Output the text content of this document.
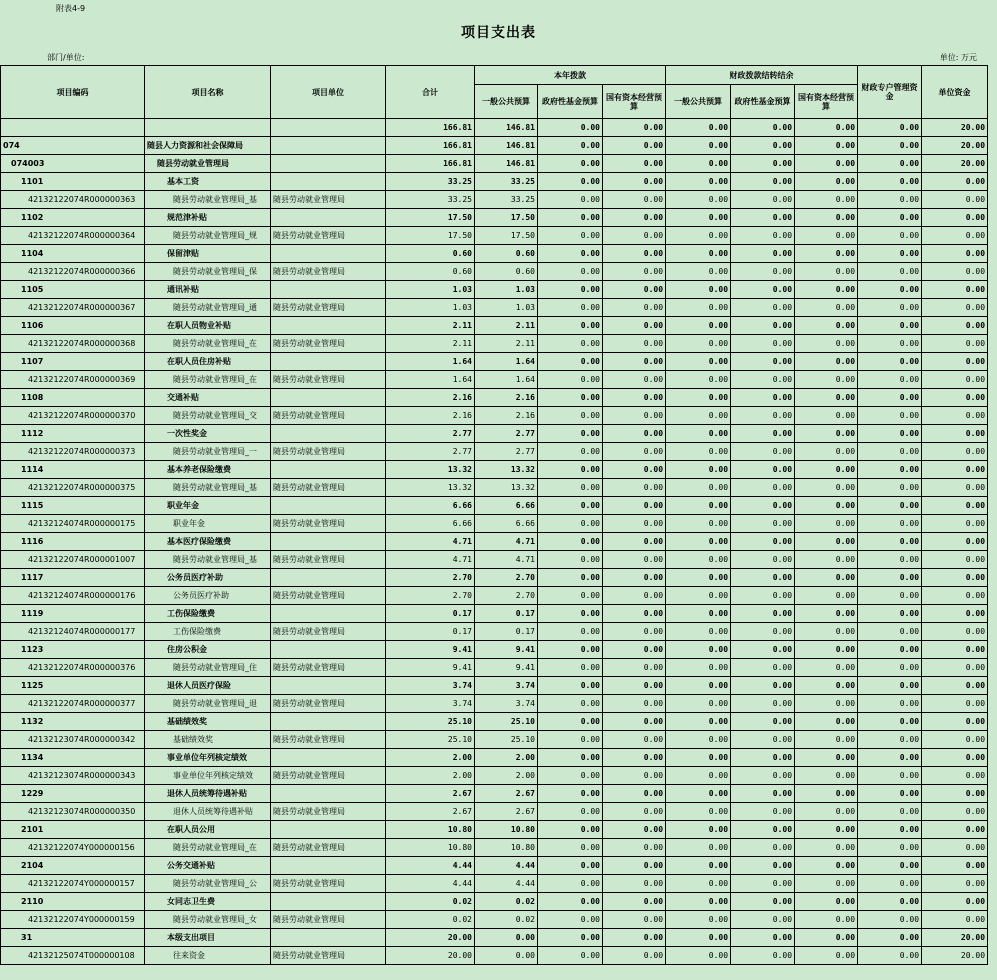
附表4-9
项目支出表
部门/单位:	单位: 万元
项目编码	项目名称	项目单位	合计	本年拨款			财政拨款结转结余			财政专户管理资金	单位资金
				一般公共预算	政府性基金预算	国有资本经营预算	一般公共预算	政府性基金预算	国有资本经营预算		
			166.81	146.81	0.00	0.00	0.00	0.00	0.00	0.00	20.00
074	随县人力资源和社会保障局		166.81	146.81	0.00	0.00	0.00	0.00	0.00	0.00	20.00
074003	随县劳动就业管理局		166.81	146.81	0.00	0.00	0.00	0.00	0.00	0.00	20.00
1101	基本工资		33.25	33.25	0.00	0.00	0.00	0.00	0.00	0.00	0.00
42132122074R000000363	随县劳动就业管理局_基	随县劳动就业管理局	33.25	33.25	0.00	0.00	0.00	0.00	0.00	0.00	0.00
1102	规范津补贴		17.50	17.50	0.00	0.00	0.00	0.00	0.00	0.00	0.00
42132122074R000000364	随县劳动就业管理局_规	随县劳动就业管理局	17.50	17.50	0.00	0.00	0.00	0.00	0.00	0.00	0.00
1104	保留津贴		0.60	0.60	0.00	0.00	0.00	0.00	0.00	0.00	0.00
42132122074R000000366	随县劳动就业管理局_保	随县劳动就业管理局	0.60	0.60	0.00	0.00	0.00	0.00	0.00	0.00	0.00
1105	通讯补贴		1.03	1.03	0.00	0.00	0.00	0.00	0.00	0.00	0.00
42132122074R000000367	随县劳动就业管理局_通	随县劳动就业管理局	1.03	1.03	0.00	0.00	0.00	0.00	0.00	0.00	0.00
1106	在职人员物业补贴		2.11	2.11	0.00	0.00	0.00	0.00	0.00	0.00	0.00
42132122074R000000368	随县劳动就业管理局_在	随县劳动就业管理局	2.11	2.11	0.00	0.00	0.00	0.00	0.00	0.00	0.00
1107	在职人员住房补贴		1.64	1.64	0.00	0.00	0.00	0.00	0.00	0.00	0.00
42132122074R000000369	随县劳动就业管理局_在	随县劳动就业管理局	1.64	1.64	0.00	0.00	0.00	0.00	0.00	0.00	0.00
1108	交通补贴		2.16	2.16	0.00	0.00	0.00	0.00	0.00	0.00	0.00
42132122074R000000370	随县劳动就业管理局_交	随县劳动就业管理局	2.16	2.16	0.00	0.00	0.00	0.00	0.00	0.00	0.00
1112	一次性奖金		2.77	2.77	0.00	0.00	0.00	0.00	0.00	0.00	0.00
42132122074R000000373	随县劳动就业管理局_一	随县劳动就业管理局	2.77	2.77	0.00	0.00	0.00	0.00	0.00	0.00	0.00
1114	基本养老保险缴费		13.32	13.32	0.00	0.00	0.00	0.00	0.00	0.00	0.00
42132122074R000000375	随县劳动就业管理局_基	随县劳动就业管理局	13.32	13.32	0.00	0.00	0.00	0.00	0.00	0.00	0.00
1115	职业年金		6.66	6.66	0.00	0.00	0.00	0.00	0.00	0.00	0.00
42132124074R000000175	职业年金	随县劳动就业管理局	6.66	6.66	0.00	0.00	0.00	0.00	0.00	0.00	0.00
1116	基本医疗保险缴费		4.71	4.71	0.00	0.00	0.00	0.00	0.00	0.00	0.00
42132122074R000001007	随县劳动就业管理局_基	随县劳动就业管理局	4.71	4.71	0.00	0.00	0.00	0.00	0.00	0.00	0.00
1117	公务员医疗补助		2.70	2.70	0.00	0.00	0.00	0.00	0.00	0.00	0.00
42132124074R000000176	公务员医疗补助	随县劳动就业管理局	2.70	2.70	0.00	0.00	0.00	0.00	0.00	0.00	0.00
1119	工伤保险缴费		0.17	0.17	0.00	0.00	0.00	0.00	0.00	0.00	0.00
42132124074R000000177	工伤保险缴费	随县劳动就业管理局	0.17	0.17	0.00	0.00	0.00	0.00	0.00	0.00	0.00
1123	住房公积金		9.41	9.41	0.00	0.00	0.00	0.00	0.00	0.00	0.00
42132122074R000000376	随县劳动就业管理局_住	随县劳动就业管理局	9.41	9.41	0.00	0.00	0.00	0.00	0.00	0.00	0.00
1125	退休人员医疗保险		3.74	3.74	0.00	0.00	0.00	0.00	0.00	0.00	0.00
42132122074R000000377	随县劳动就业管理局_退	随县劳动就业管理局	3.74	3.74	0.00	0.00	0.00	0.00	0.00	0.00	0.00
1132	基础绩效奖		25.10	25.10	0.00	0.00	0.00	0.00	0.00	0.00	0.00
42132123074R000000342	基础绩效奖	随县劳动就业管理局	25.10	25.10	0.00	0.00	0.00	0.00	0.00	0.00	0.00
1134	事业单位年列核定绩效		2.00	2.00	0.00	0.00	0.00	0.00	0.00	0.00	0.00
42132123074R000000343	事业单位年列核定绩效	随县劳动就业管理局	2.00	2.00	0.00	0.00	0.00	0.00	0.00	0.00	0.00
1229	退休人员统筹待遇补贴		2.67	2.67	0.00	0.00	0.00	0.00	0.00	0.00	0.00
42132123074R000000350	退休人员统筹待遇补贴	随县劳动就业管理局	2.67	2.67	0.00	0.00	0.00	0.00	0.00	0.00	0.00
2101	在职人员公用		10.80	10.80	0.00	0.00	0.00	0.00	0.00	0.00	0.00
42132122074Y000000156	随县劳动就业管理局_在	随县劳动就业管理局	10.80	10.80	0.00	0.00	0.00	0.00	0.00	0.00	0.00
2104	公务交通补贴		4.44	4.44	0.00	0.00	0.00	0.00	0.00	0.00	0.00
42132122074Y000000157	随县劳动就业管理局_公	随县劳动就业管理局	4.44	4.44	0.00	0.00	0.00	0.00	0.00	0.00	0.00
2110	女同志卫生费		0.02	0.02	0.00	0.00	0.00	0.00	0.00	0.00	0.00
42132122074Y000000159	随县劳动就业管理局_女	随县劳动就业管理局	0.02	0.02	0.00	0.00	0.00	0.00	0.00	0.00	0.00
31	本级支出项目		20.00	0.00	0.00	0.00	0.00	0.00	0.00	0.00	20.00
42132125074T000000108	往来资金	随县劳动就业管理局	20.00	0.00	0.00	0.00	0.00	0.00	0.00	0.00	20.00
